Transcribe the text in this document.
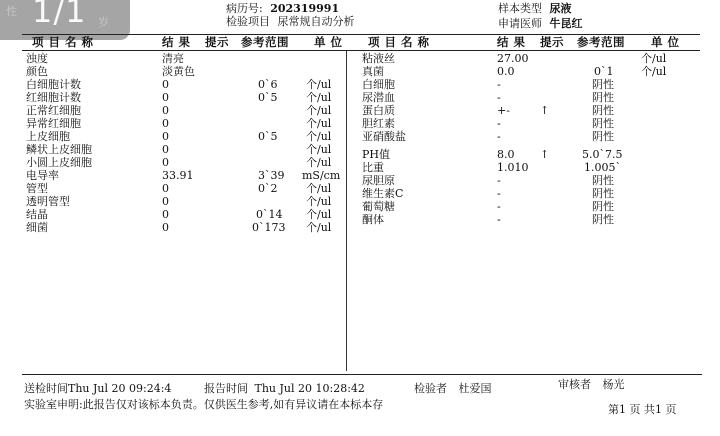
性 1/1 岁
病历号: 202319991
检验项目 尿常规自动分析
样本类型 尿液
申请医师 牛昆红
项 目 名 称	结 果 提示 参考范围 单 位 项 目 名 称	结 果 提示 参考范围 单 位
浊度	清亮
颜色	淡黄色
白细胞计数	0	0`6	个/ul
红细胞计数	0	0`5	个/ul
正常红细胞	0	个/ul
异常红细胞	0	个/ul
上皮细胞	0	0`5	个/ul
鳞状上皮细胞	0	个/ul
小圆上皮细胞	0	个/ul
电导率	33.91	3`39 mS/cm
管型	0	0`2	个/ul
透明管型	0	个/ul
结晶	0	0`14 个/ul
细菌	0	0`173 个/ul
粘液丝	27.00	个/ul
真菌	0.0	0`1	个/ul
白细胞	-	阴性
尿潜血	-	阴性
蛋白质	+-	↑	阴性
胆红素	-	阴性
亚硝酸盐	-	阴性
PH值	8.0 ↑	5.0`7.5
比重	1.010	1.005`
尿胆原	-	阴性
维生素C	-	阴性
葡萄糖	-	阴性
酮体	-	阴性
送检时间Thu Jul 20 09:24:4	报告时间 Thu Jul 20 10:28:42	检验者 杜爱国	审核者 杨光
实验室申明:此报告仅对该标本负责。仅供医生参考,如有异议请在本标本存	第1 页 共1 页
